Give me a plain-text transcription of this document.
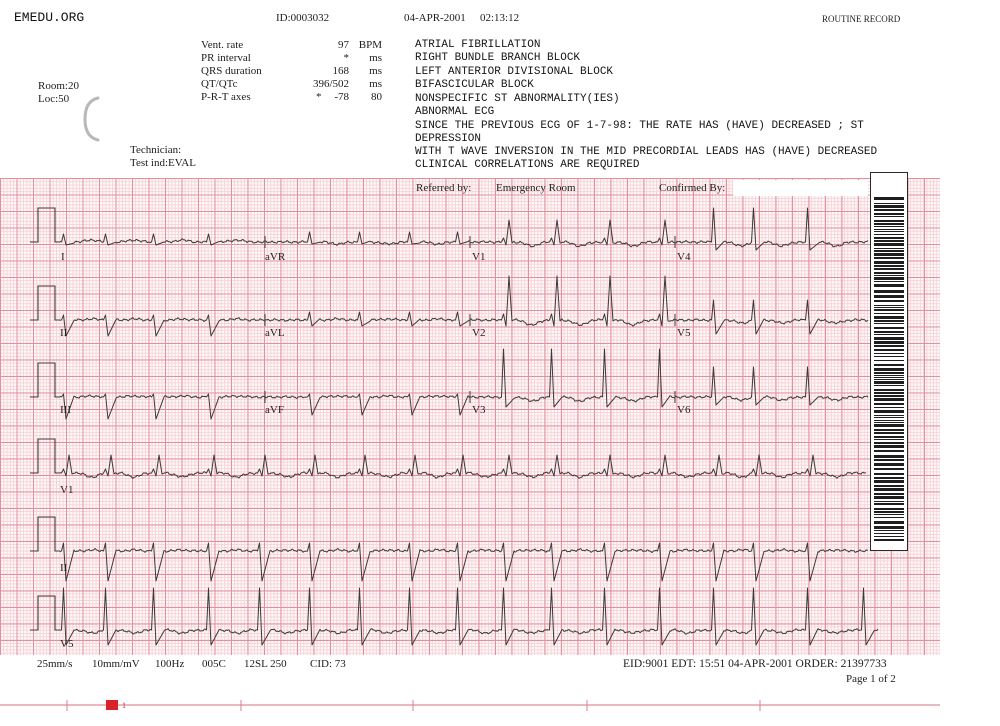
EMEDU.ORG	ID:0003032	04-APR-2001 02:13:12	ROUTINE RECORD
Vent. rate	97 BPM
PR interval	* ms
QRS duration	168 ms
QT/QTc	396/502 ms
P-R-T axes	* -78 80
Room:20
Loc:50
Technician:
Test ind:EVAL
ATRIAL FIBRILLATION
RIGHT BUNDLE BRANCH BLOCK
LEFT ANTERIOR DIVISIONAL BLOCK
BIFASCICULAR BLOCK
NONSPECIFIC ST ABNORMALITY(IES)
ABNORMAL ECG
SINCE THE PREVIOUS ECG OF 1-7-98: THE RATE HAS (HAVE) DECREASED ; ST
DEPRESSION
WITH T WAVE INVERSION IN THE MID PRECORDIAL LEADS HAS (HAVE) DECREASED
CLINICAL CORRELATIONS ARE REQUIRED
Referred by: Emergency Room	Confirmed By:
I	aVR	V1	V4
II	aVL	V2	V5
III	aVF	V3	V6
V1
II
V5
25mm/s 10mm/mV 100Hz 005C 12SL 250 CID: 73	EID:9001 EDT: 15:51 04-APR-2001 ORDER: 21397733
Page 1 of 2
1
